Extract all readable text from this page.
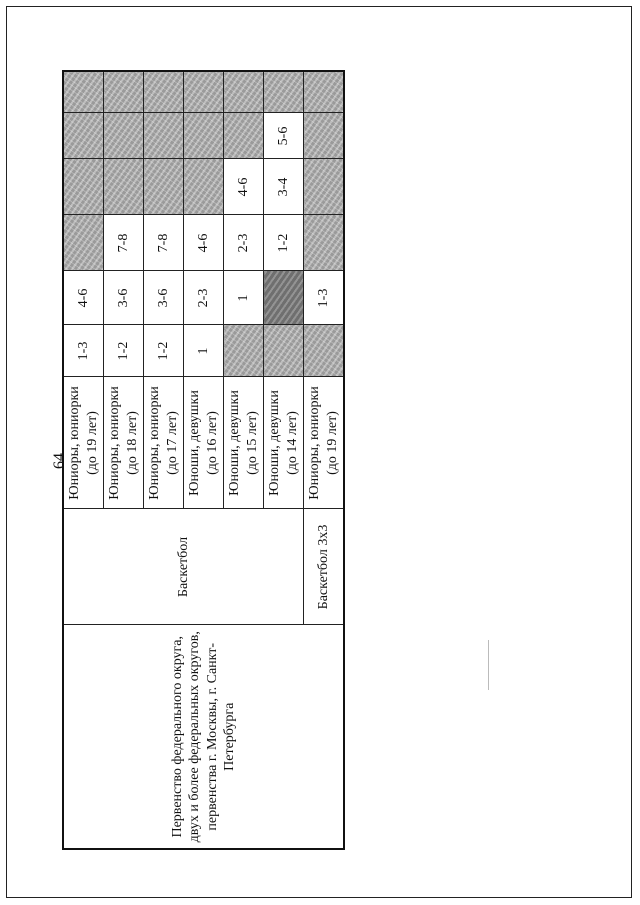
64
Первенство федерального округа, двух и более федеральных округов, первенства г. Москвы, г. Санкт-Петербурга	Баскетбол	Юниоры, юниорки (до 19 лет)	1-3	4-6				
		Юниоры, юниорки (до 18 лет)	1-2	3-6	7-8			
		Юниоры, юниорки (до 17 лет)	1-2	3-6	7-8			
		Юноши, девушки (до 16 лет)	1	2-3	4-6			
		Юноши, девушки (до 15 лет)		1	2-3	4-6		
		Юноши, девушки (до 14 лет)			1-2	3-4	5-6	
	Баскетбол 3x3	Юниоры, юниорки (до 19 лет)		1-3				
